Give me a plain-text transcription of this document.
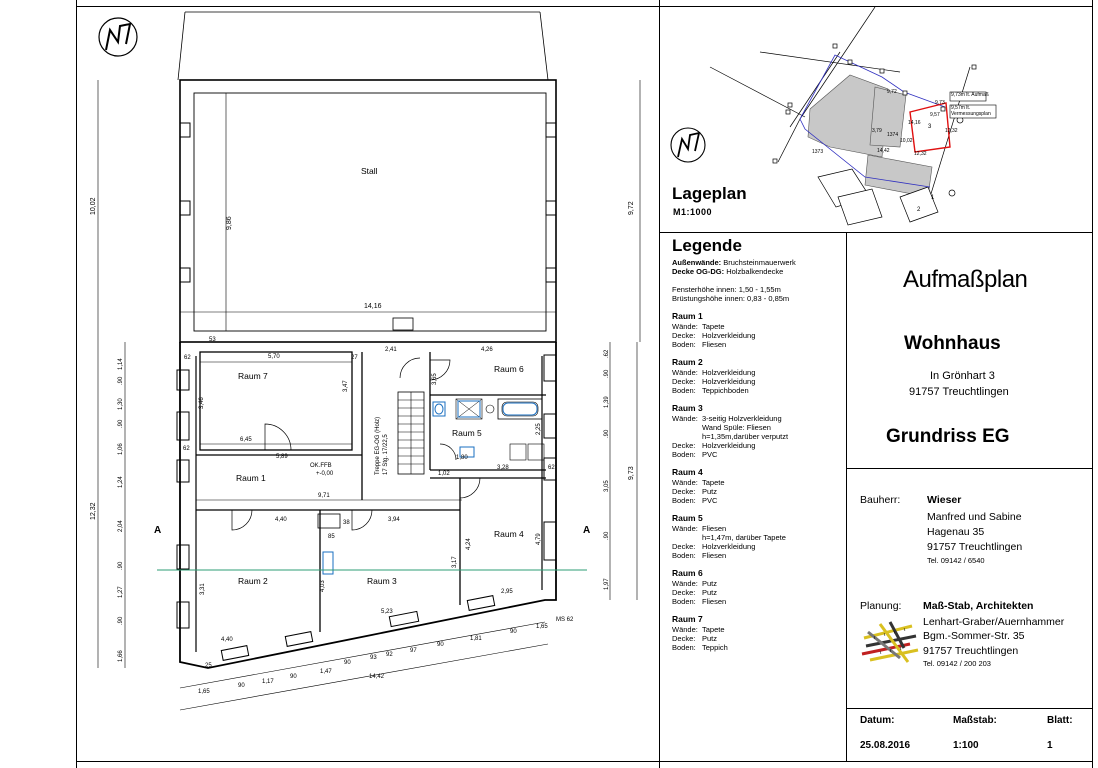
A	A
Stall
Raum 7
Raum 6
Raum 5
Raum 1
Raum 2	Raum 3
Raum 4
Treppe EG-OG (Holz) 17 Stg. 17/22,5
OK.FFB
+-0,00
10,02
9,86
9,72
14,16
12,32
9,73
5,70
6,45
5,89
9,71
4,40	3,94
2,41	4,26
3,28
1,80
1,02
5,23
4,40
2,95
14,42
3,31	4,03
3,17
4,24	4,79
2,25
3,65
3,47
3,46
53
62
62
62
27
38
85
25
MS 62
1,65
90
1,17
90
1,47
90
93 92
97
90
1,81
90
1,65
1,14
.90
1,30
.90
1,06
1,24
2,04
.90
1,27
.90
1,66
.62
.90
1,39
.90
3,05
.90
1,97
9,73m lt. Aufmaß
9,57m lt. Vermessungsplan
9,72
9,73
9,57
14,16
12,32
10,02
3,79
12,32
14,42
1373
1374
1
2
3
Lageplan
M1:1000
Legende
Außenwände: Bruchsteinmauerwerk
Decke OG-DG: Holzbalkendecke
Fensterhöhe innen: 1,50 - 1,55m
Brüstungshöhe innen: 0,83 - 0,85m
Raum 1
Wände: Tapete
Decke: Holzverkleidung
Boden: Fliesen
Raum 2
Wände: Holzverkleidung
Decke: Holzverkleidung
Boden: Teppichboden
Raum 3
Wände: 3-seitig Holzverkleidung
Wand Spüle: Fliesen
h=1,35m,darüber verputzt
Decke: Holzverkleidung
Boden: PVC
Raum 4
Wände: Tapete
Decke: Putz
Boden: PVC
Raum 5
Wände: Fliesen
h=1,47m, darüber Tapete
Decke: Holzverkleidung
Boden: Fliesen
Raum 6
Wände: Putz
Decke: Putz
Boden: Fliesen
Raum 7
Wände: Tapete
Decke: Putz
Boden: Teppich
Aufmaßplan
Wohnhaus
In Grönhart 3
91757 Treuchtlingen
Grundriss EG
Bauherr:	Wieser
Manfred und Sabine
Hagenau 35
91757 Treuchtlingen
Tel. 09142 / 6540
Planung: Maß-Stab, Architekten
Lenhart-Graber/Auernhammer
Bgm.-Sommer-Str. 35
91757 Treuchtlingen
Tel. 09142 / 200 203
Datum:	Maßstab:	Blatt:
25.08.2016	1:100	1
